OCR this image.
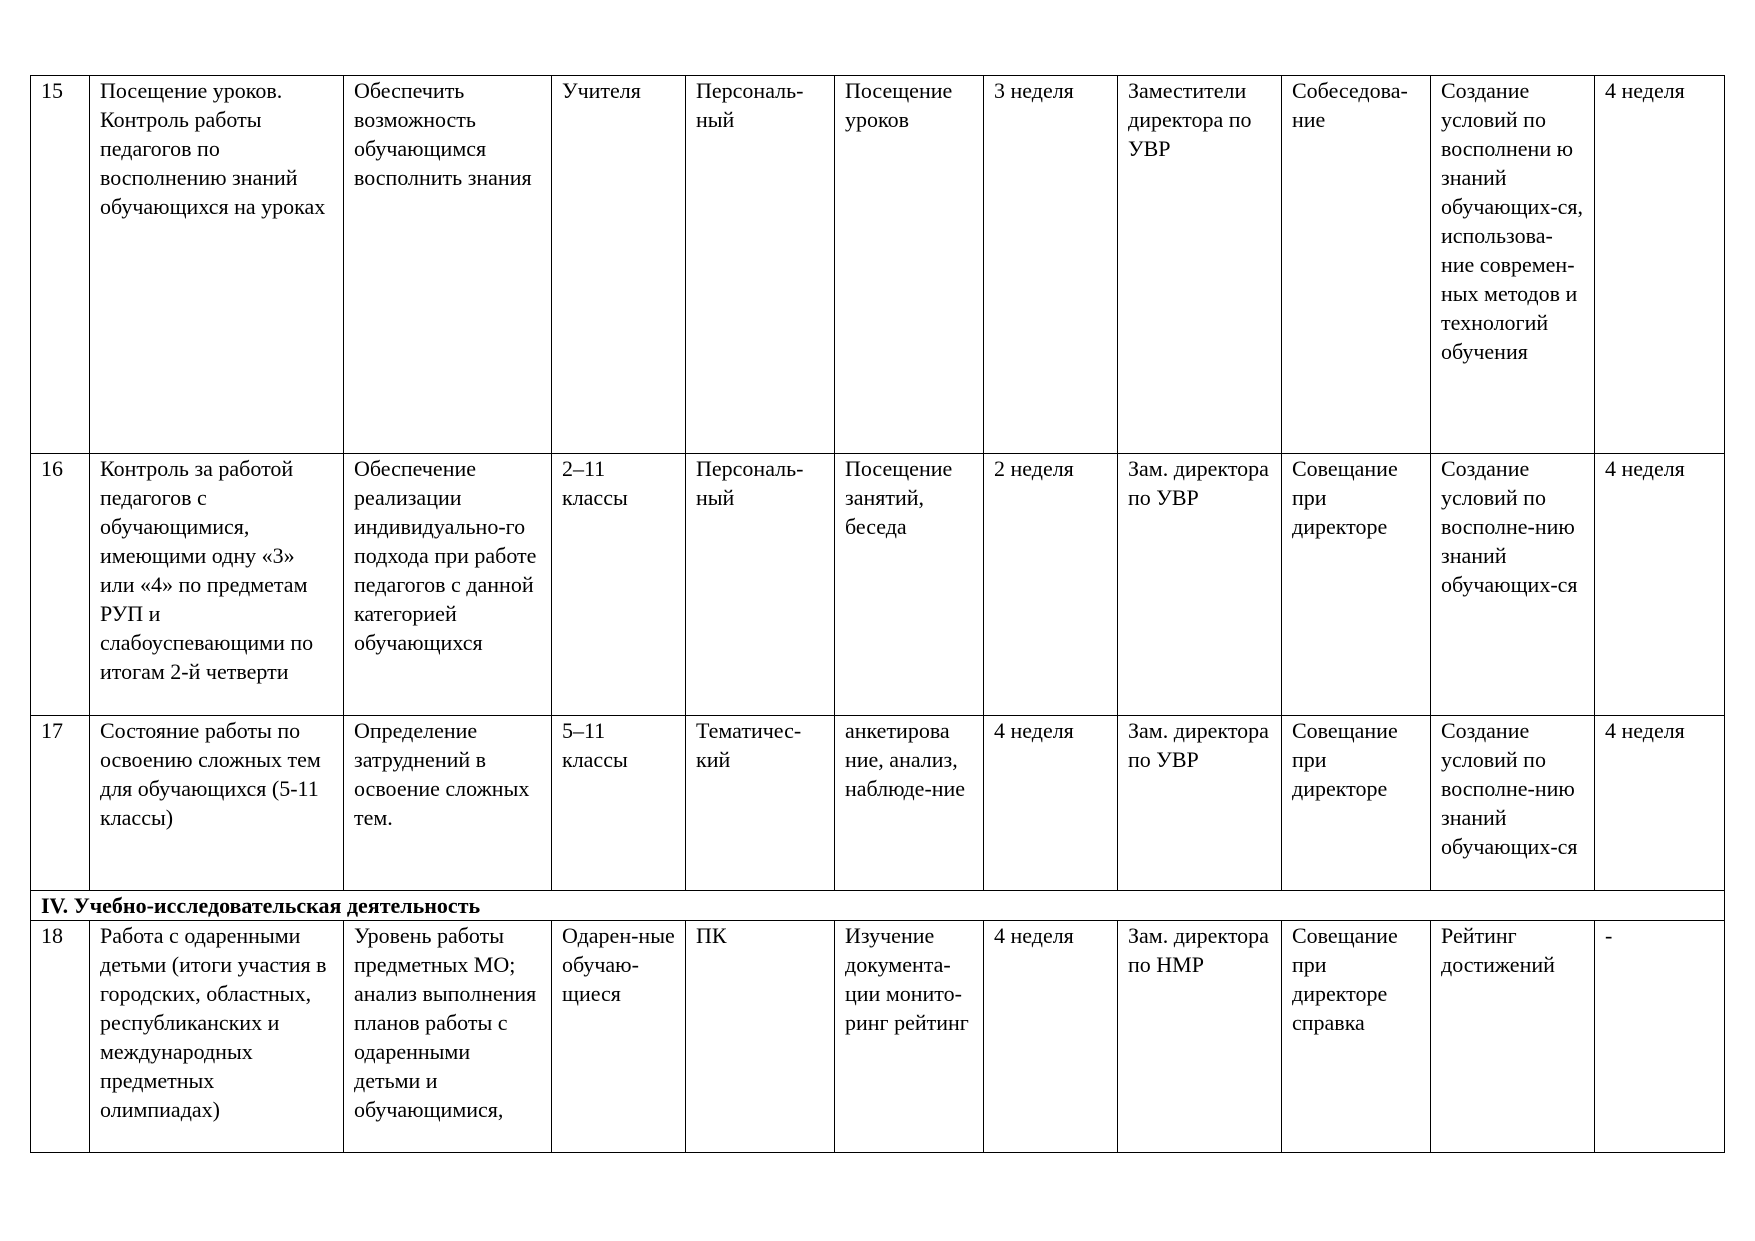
15	Посещение уроков. Контроль работы педагогов по восполнению знаний обучающихся на уроках	Обеспечить возможность обучающимся восполнить знания	Учителя	Персональ-ный	Посещение уроков	3 неделя	Заместители директора по УВР	Собеседова-ние	Создание условий по восполнени ю знаний обучающих-ся, использова-ние современ-ных методов и технологий обучения	4 неделя
16	Контроль за работой педагогов с обучающимися, имеющими одну «3» или «4» по предметам РУП и слабоуспевающими по итогам 2-й четверти	Обеспечение реализации индивидуально-го подхода при работе педагогов с данной категорией обучающихся	2–11 классы	Персональ-ный	Посещение занятий, беседа	2 неделя	Зам. директора по УВР	Совещание при директоре	Создание условий по восполне-нию знаний обучающих-ся	4 неделя
17	Состояние работы по освоению сложных тем для обучающихся (5-11 классы)	Определение затруднений в освоение сложных тем.	5–11 классы	Тематичес-кий	анкетирова ние, анализ, наблюде-ние	4 неделя	Зам. директора по УВР	Совещание при директоре	Создание условий по восполне-нию знаний обучающих-ся	4 неделя
IV. Учебно-исследовательская деятельность										
18	Работа с одаренными детьми (итоги участия в городских, областных, республиканских и международных предметных олимпиадах)	Уровень работы предметных МО; анализ выполнения планов работы с одаренными детьми и обучающимися,	Одарен-ные обучаю-щиеся	ПК	Изучение документа-ции монито-ринг рейтинг	4 неделя	Зам. директора по НМР	Совещание при директоре справка	Рейтинг достижений	-
